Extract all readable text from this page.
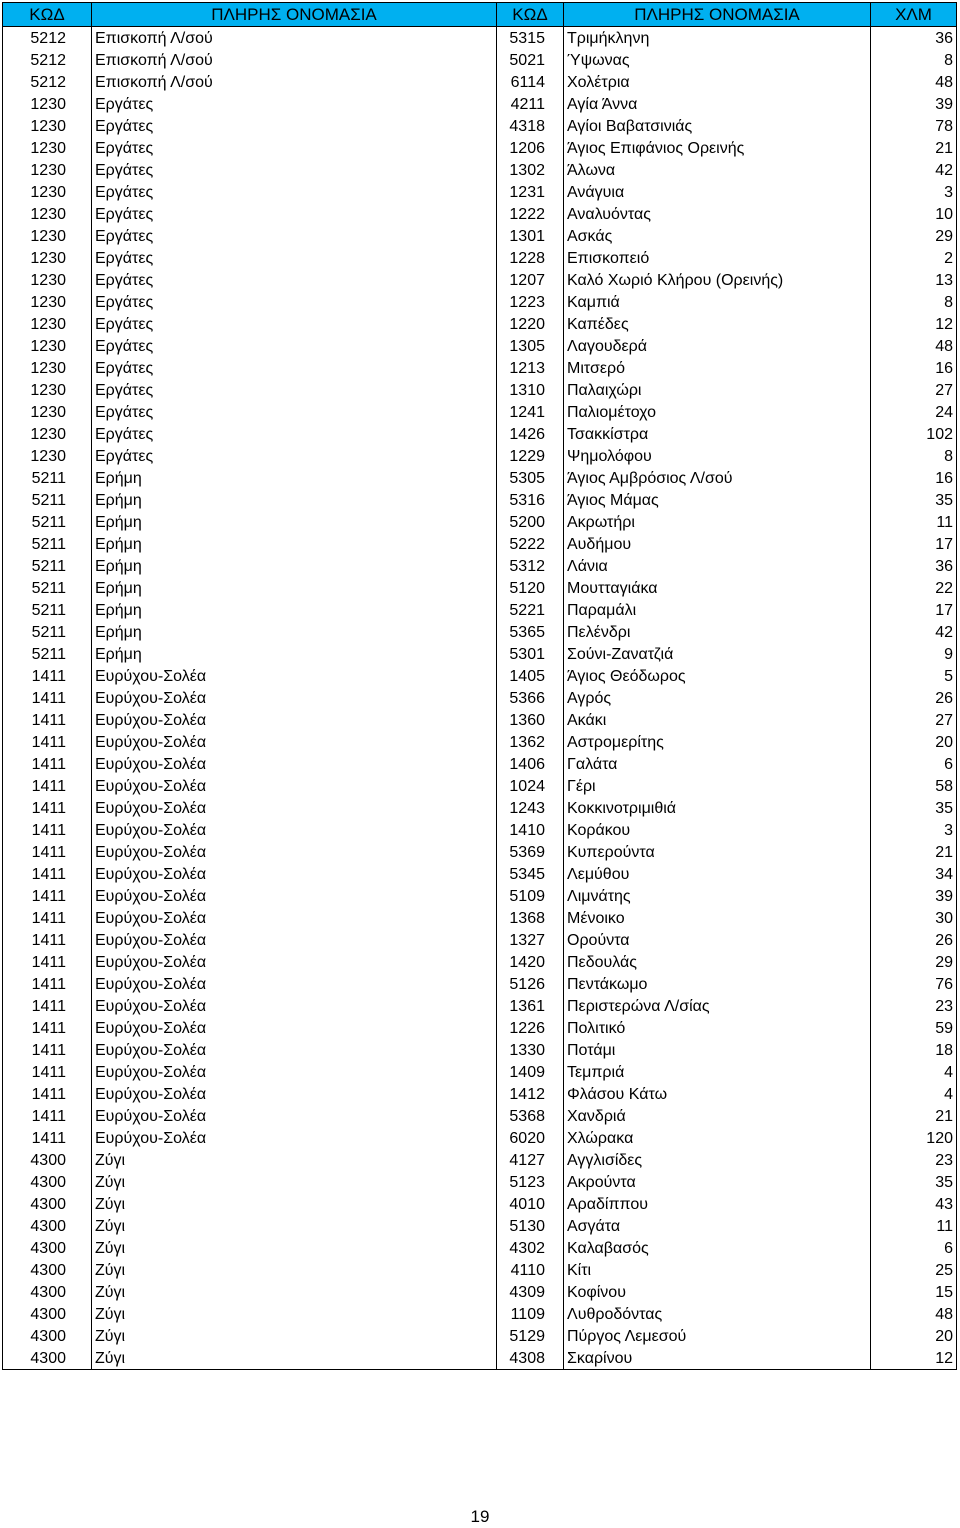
ΚΩΔ	ΠΛΗΡΗΣ ΟΝΟΜΑΣΙΑ	ΚΩΔ	ΠΛΗΡΗΣ ΟΝΟΜΑΣΙΑ	ΧΛΜ
5212	Επισκοπή Λ/σού	5315	Τριμήκληνη	36
5212	Επισκοπή Λ/σού	5021	Ύψωνας	8
5212	Επισκοπή Λ/σού	6114	Χολέτρια	48
1230	Εργάτες	4211	Αγία Άννα	39
1230	Εργάτες	4318	Αγίοι Βαβατσινιάς	78
1230	Εργάτες	1206	Άγιος Επιφάνιος Ορεινής	21
1230	Εργάτες	1302	Άλωνα	42
1230	Εργάτες	1231	Ανάγυια	3
1230	Εργάτες	1222	Αναλυόντας	10
1230	Εργάτες	1301	Ασκάς	29
1230	Εργάτες	1228	Επισκοπειό	2
1230	Εργάτες	1207	Καλό Χωριό Κλήρου (Ορεινής)	13
1230	Εργάτες	1223	Καμπιά	8
1230	Εργάτες	1220	Καπέδες	12
1230	Εργάτες	1305	Λαγουδερά	48
1230	Εργάτες	1213	Μιτσερό	16
1230	Εργάτες	1310	Παλαιχώρι	27
1230	Εργάτες	1241	Παλιομέτοχο	24
1230	Εργάτες	1426	Τσακκίστρα	102
1230	Εργάτες	1229	Ψημολόφου	8
5211	Ερήμη	5305	Άγιος Αμβρόσιος Λ/σού	16
5211	Ερήμη	5316	Άγιος Μάμας	35
5211	Ερήμη	5200	Ακρωτήρι	11
5211	Ερήμη	5222	Αυδήμου	17
5211	Ερήμη	5312	Λάνια	36
5211	Ερήμη	5120	Μουτταγιάκα	22
5211	Ερήμη	5221	Παραμάλι	17
5211	Ερήμη	5365	Πελένδρι	42
5211	Ερήμη	5301	Σούνι-Ζανατζιά	9
1411	Ευρύχου-Σολέα	1405	Άγιος Θεόδωρος	5
1411	Ευρύχου-Σολέα	5366	Αγρός	26
1411	Ευρύχου-Σολέα	1360	Ακάκι	27
1411	Ευρύχου-Σολέα	1362	Αστρομερίτης	20
1411	Ευρύχου-Σολέα	1406	Γαλάτα	6
1411	Ευρύχου-Σολέα	1024	Γέρι	58
1411	Ευρύχου-Σολέα	1243	Κοκκινοτριμιθιά	35
1411	Ευρύχου-Σολέα	1410	Κοράκου	3
1411	Ευρύχου-Σολέα	5369	Κυπερούντα	21
1411	Ευρύχου-Σολέα	5345	Λεμύθου	34
1411	Ευρύχου-Σολέα	5109	Λιμνάτης	39
1411	Ευρύχου-Σολέα	1368	Μένοικο	30
1411	Ευρύχου-Σολέα	1327	Ορούντα	26
1411	Ευρύχου-Σολέα	1420	Πεδουλάς	29
1411	Ευρύχου-Σολέα	5126	Πεντάκωμο	76
1411	Ευρύχου-Σολέα	1361	Περιστερώνα Λ/σίας	23
1411	Ευρύχου-Σολέα	1226	Πολιτικό	59
1411	Ευρύχου-Σολέα	1330	Ποτάμι	18
1411	Ευρύχου-Σολέα	1409	Τεμπριά	4
1411	Ευρύχου-Σολέα	1412	Φλάσου Κάτω	4
1411	Ευρύχου-Σολέα	5368	Χανδριά	21
1411	Ευρύχου-Σολέα	6020	Χλώρακα	120
4300	Ζύγι	4127	Αγγλισίδες	23
4300	Ζύγι	5123	Ακρούντα	35
4300	Ζύγι	4010	Αραδίππου	43
4300	Ζύγι	5130	Ασγάτα	11
4300	Ζύγι	4302	Καλαβασός	6
4300	Ζύγι	4110	Κίτι	25
4300	Ζύγι	4309	Κοφίνου	15
4300	Ζύγι	1109	Λυθροδόντας	48
4300	Ζύγι	5129	Πύργος Λεμεσού	20
4300	Ζύγι	4308	Σκαρίνου	12
19
